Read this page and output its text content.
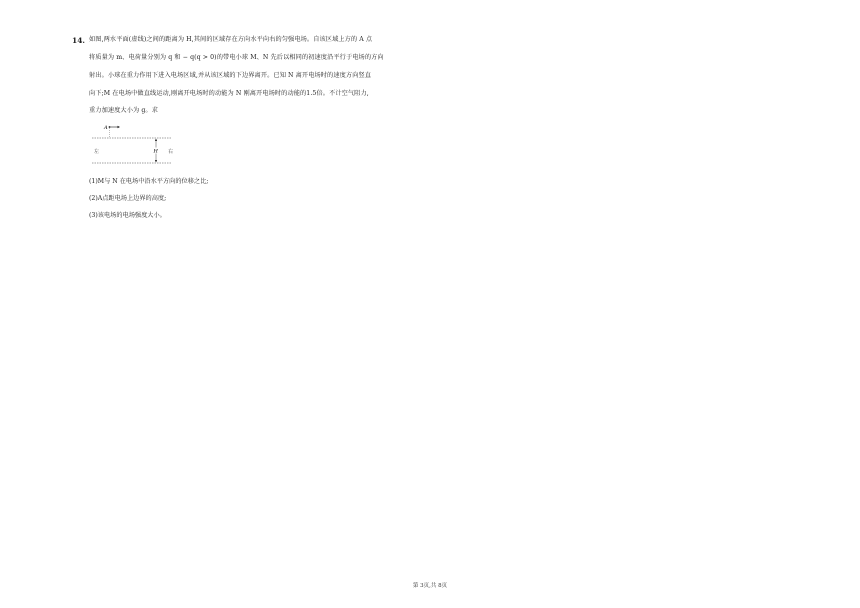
14. 如图,两水平面(虚线)之间的距离为 H,其间的区域存在方向水平向右的匀强电场。自该区域上方的 A 点
将质量为 m、电荷量分别为 q 和 − q(q > 0)的带电小球 M、N 先后以相同的初速度沿平行于电场的方向
射出。小球在重力作用下进入电场区域,并从该区域的下边界离开。已知 N 离开电场时的速度方向竖直
向下;M 在电场中做直线运动,刚离开电场时的动能为 N 刚离开电场时的动能的1.5倍。不计空气阻力,
重力加速度大小为 g。求
A
H
左	右
(1)M与 N 在电场中沿水平方向的位移之比;
(2)A点距电场上边界的高度;
(3)该电场的电场强度大小。
第 3页,共 8页
